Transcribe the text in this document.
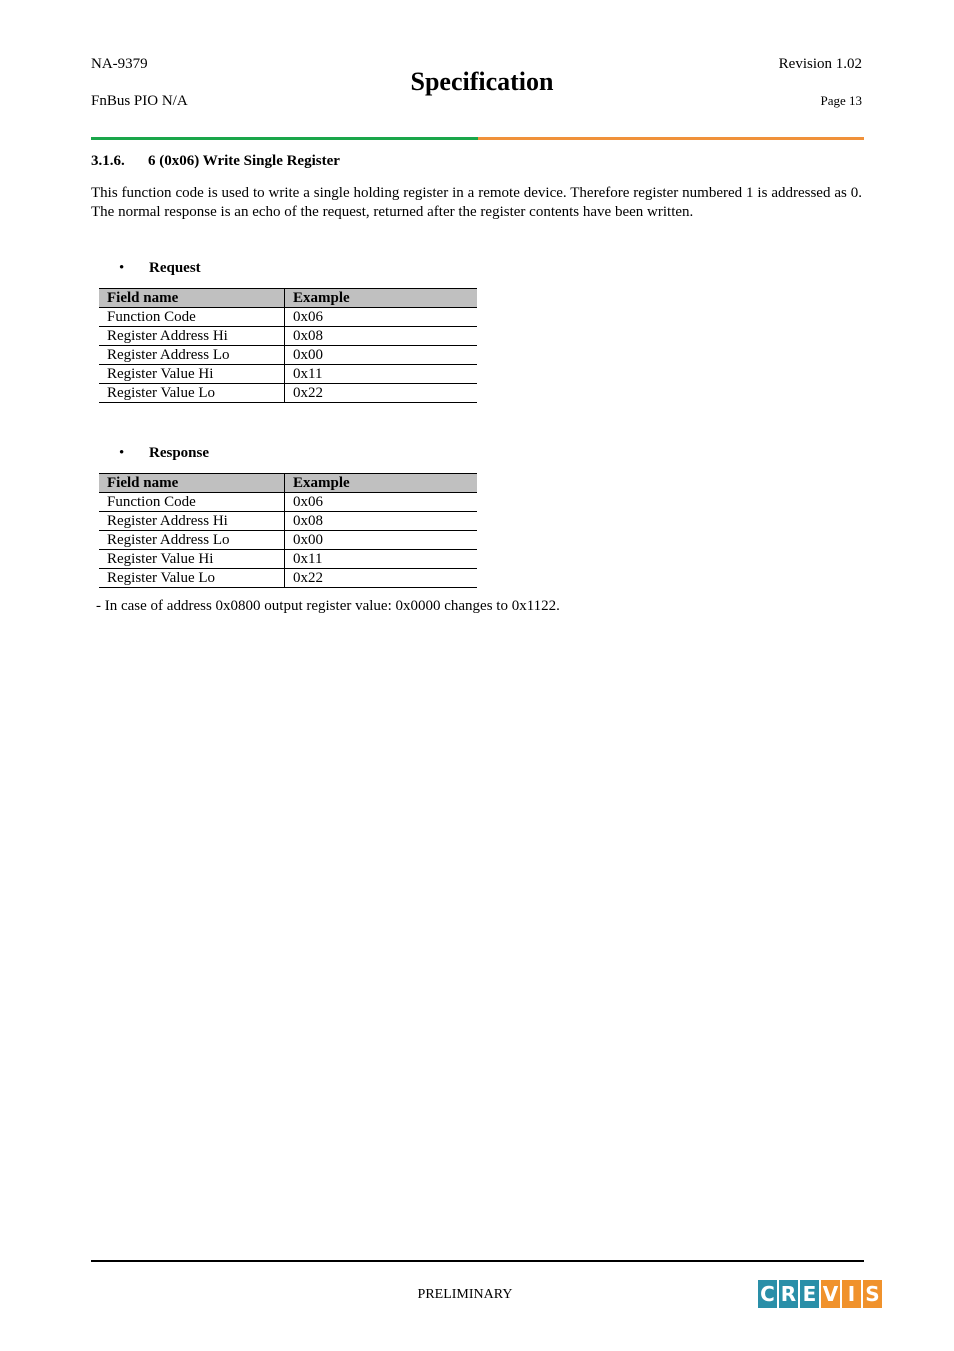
NA-9379
FnBus PIO N/A
Specification
Revision 1.02
Page 13
3.1.6. 6 (0x06) Write Single Register
This function code is used to write a single holding register in a remote device. Therefore register numbered 1 is addressed as 0. The normal response is an echo of the request, returned after the register contents have been written.
• Request
Field name	Example
Function Code	0x06
Register Address Hi	0x08
Register Address Lo	0x00
Register Value Hi	0x11
Register Value Lo	0x22
• Response
Field name	Example
Function Code	0x06
Register Address Hi	0x08
Register Address Lo	0x00
Register Value Hi	0x11
Register Value Lo	0x22
- In case of address 0x0800 output register value: 0x0000 changes to 0x1122.
PRELIMINARY	C R E V I S
